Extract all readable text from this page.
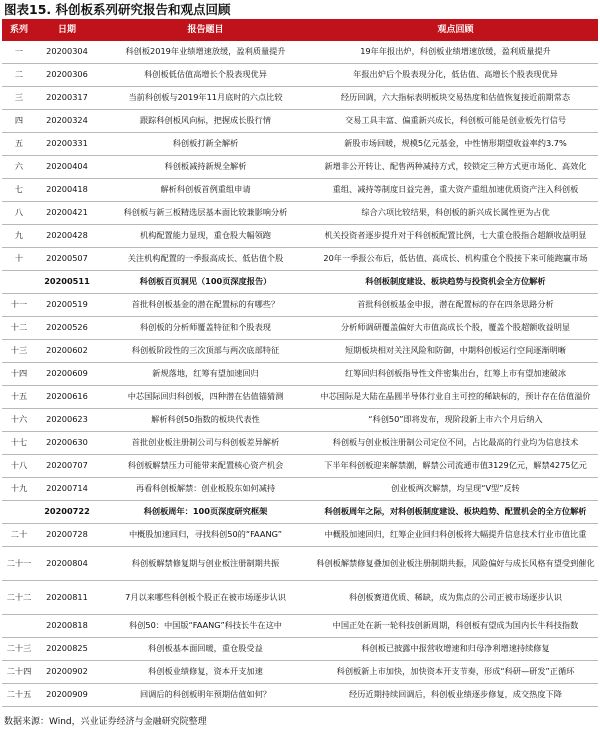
图表15. 科创板系列研究报告和观点回顾
系列	日期	报告题目	观点回顾
一	20200304	科创板2019年业绩增速放缓，盈利质量提升	19年年报出炉，科创板业绩增速放缓，盈利质量提升
二	20200306	科创板低估值高增长个股表现优异	年报出炉后个股表现分化，低估值、高增长个股表现优异
三	20200317	当前科创板与2019年11月底时的六点比较	经历回调，六大指标表明板块交易热度和估值恢复接近前期常态
四	20200324	跟踪科创板风向标，把握成长股行情	交易工具丰富、偏重新兴成长，科创板可能是创业板先行信号
五	20200331	科创板打新全解析	新股市场回暖，规模5亿元基金，中性情形期望收益率约3.7%
六	20200404	科创板减持新规全解析	新增非公开转让、配售两种减持方式，较锁定三种方式更市场化、高效化
七	20200418	解析科创板首例重组申请	重组、减持等制度日益完善，重大资产重组加速优质资产注入科创板
八	20200421	科创板与新三板精选层基本面比较兼影响分析	综合六项比较结果，科创板的新兴成长属性更为占优
九	20200428	机构配置能力显现，重仓股大幅领跑	机关投资者逐步提升对于科创板配置比例，七大重仓股指合超额收益明显
十	20200507	关注机构配置的一季报高成长、低估值个股	20年一季报公布后，低估值、高成长、机构重仓个股接下来可能跑赢市场
	20200511	科创板百页洞见（100页深度报告）	科创板制度建设、板块趋势与投资机会全方位解析
十一	20200519	首批科创板基金的潜在配置标的有哪些？	首批科创板基金申报，潜在配置标的存在四条思路分析
十二	20200526	科创板的分析师覆盖特征和个股表现	分析师调研覆盖偏好大市值高成长个股，覆盖个股超额收益明显
十三	20200602	科创板阶段性的三次顶部与两次底部特征	短期板块相对关注风险和防御，中期科创板运行空间逐渐明晰
十四	20200609	新规落地，红筹有望加速回归	红筹回归科创板指导性文件密集出台，红筹上市有望加速破冰
十五	20200616	中芯国际回归科创板，四种潜在估值锚猜测	中芯国际是大陆在晶圆半导体行业自主可控的稀缺标的，预计存在估值溢价
十六	20200623	解析科创50指数的板块代表性	“科创50”即将发布，现阶段新上市六个月后纳入
十七	20200630	首批创业板注册制公司与科创板差异解析	科创板与创业板注册制公司定位不同，占比最高的行业均为信息技术
十八	20200707	科创板解禁压力可能带来配置核心资产机会	下半年科创板迎来解禁潮，解禁公司流通市值3129亿元，解禁4275亿元
十九	20200714	再看科创板解禁：创业板股东如何减持	创业板两次解禁，均呈现“V型”反转
	20200722	科创板周年：100页深度研究框架	科创板周年之际，对科创板制度建设、板块趋势、配置机会的全方位解析
二十	20200728	中概股加速回归，寻找科创50的“FAANG”	中概股加速回归，红筹企业回归科创板将大幅提升信息技术行业市值比重
二十一	20200804	科创板解禁修复期与创业板注册制期共振	科创板解禁修复叠加创业板注册制期共振，风险偏好与成长风格有望受到催化
二十二	20200811	7月以来哪些科创板个股正在被市场逐步认识	科创板赛道优质、稀缺，成为焦点的公司正被市场逐步认识
	20200818	科创50：中国版“FAANG”科技长牛在这中	中国正处在新一轮科技创新周期，科创板有望成为国内长牛科技指数
二十三	20200825	科创板基本面回暖，重仓股受益	科创板已披露中报营收增速和归母净利增速持续修复
二十四	20200902	科创板业绩修复，资本开支加速	科创板新上市加快，加快资本开支节奏，形成“科研—研发”正循环
二十五	20200909	回调后的科创板明年预期估值如何？	经历近期持续回调后，科创板业绩逐步修复，成交热度下降
数据来源：Wind，兴业证券经济与金融研究院整理
